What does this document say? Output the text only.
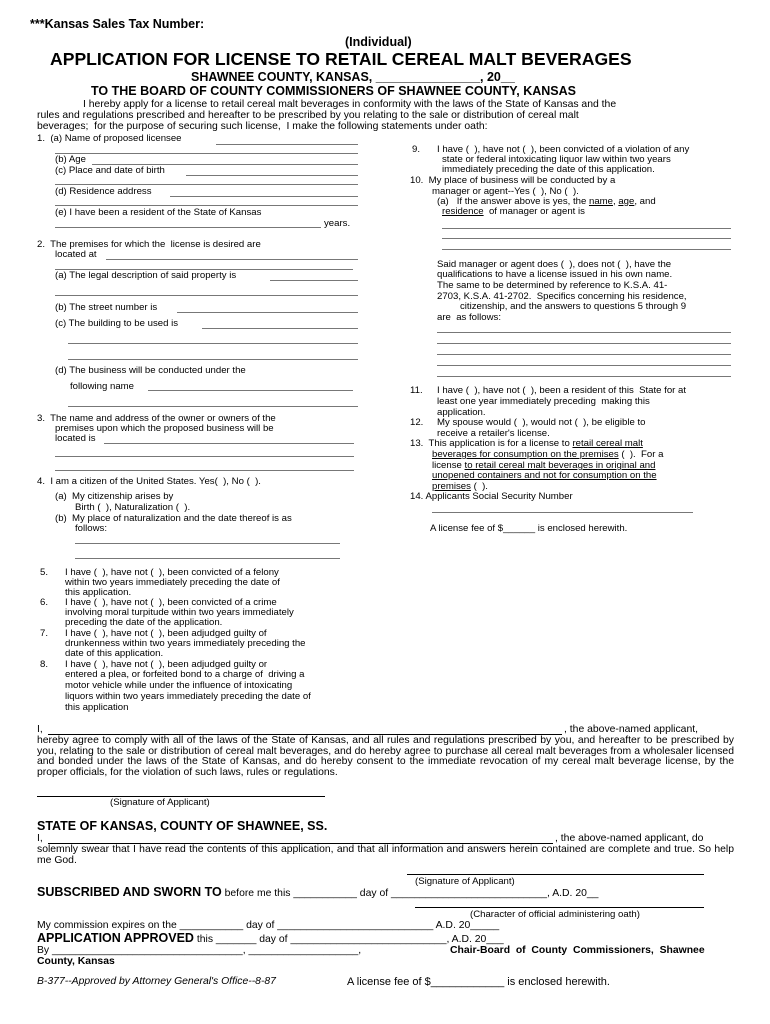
***Kansas Sales Tax Number:
(Individual)
APPLICATION FOR LICENSE TO RETAIL CEREAL MALT BEVERAGES
SHAWNEE COUNTY, KANSAS, _______________, 20__
TO THE BOARD OF COUNTY COMMISSIONERS OF SHAWNEE COUNTY, KANSAS
I hereby apply for a license to retail cereal malt beverages in conformity with the laws of the State of Kansas and the
rules and regulations prescribed and hereafter to be prescribed by you relating to the sale or distribution of cereal malt
beverages;  for the purpose of securing such license,  I make the following statements under oath:
1.  (a) Name of proposed licensee
(b) Age
(c) Place and date of birth
(d) Residence address
(e) I have been a resident of the State of Kansas
years.
2.  The premises for which the  license is desired are
located at
(a) The legal description of said property is
(b) The street number is
(c) The building to be used is
(d) The business will be conducted under the
following name
3.  The name and address of the owner or owners of the
premises upon which the proposed business will be
located is
4.  I am a citizen of the United States. Yes(  ), No (  ).
(a)  My citizenship arises by
Birth (  ), Naturalization (  ).
(b)  My place of naturalization and the date thereof is as
follows:
5. I have (  ), have not (  ), been convicted of a felony
within two years immediately preceding the date of
this application.
6. I have (  ), have not (  ), been convicted of a crime
involving moral turpitude within two years immediately
preceding the date of the application.
7. I have (  ), have not (  ), been adjudged guilty of
drunkenness within two years immediately preceding the
date of this application.
8. I have (  ), have not (  ), been adjudged guilty or
entered a plea, or forfeited bond to a charge of  driving a
motor vehicle while under the influence of intoxicating
liquors within two years immediately preceding the date of
this application
9. I have (  ), have not (  ), been convicted of a violation of any
state or federal intoxicating liquor law within two years
immediately preceding the date of this application.
10.  My place of business will be conducted by a
manager or agent--Yes (  ), No (  ).
(a)   If the answer above is yes, the name, age, and
residence  of manager or agent is
Said manager or agent does (  ), does not (  ), have the
qualifications to have a license issued in his own name.
The same to be determined by reference to K.S.A. 41-
2703, K.S.A. 41-2702.  Specifics concerning his residence,
citizenship, and the answers to questions 5 through 9
are  as follows:
11. I have (  ), have not (  ), been a resident of this  State for at
least one year immediately preceding  making this
application.
12. My spouse would (  ), would not (  ), be eligible to
receive a retailer's license.
13.  This application is for a license to retail cereal malt
beverages for consumption on the premises (  ).  For a
license to retail cereal malt beverages in original and
unopened containers and not for consumption on the
premises (  ).
14. Applicants Social Security Number
A license fee of $______ is enclosed herewith.
I,	, the above-named applicant,
hereby agree to comply with all of the laws of the State of Kansas, and all rules and regulations prescribed by you, and hereafter to be prescribed by you, relating to the sale or distribution of cereal malt beverages, and do hereby agree to purchase all cereal malt beverages from a wholesaler licensed and bonded under the laws of the State of Kansas, and do hereby consent to the immediate revocation of my cereal malt beverage license, by the proper officials, for the violation of such laws, rules or regulations.
(Signature of Applicant)
STATE OF KANSAS, COUNTY OF SHAWNEE, SS.
I,	, the above-named applicant, do
solemnly swear that I have read the contents of this application, and that all information and answers herein contained are complete and true. So help me God.
(Signature of Applicant)
SUBSCRIBED AND SWORN TO before me this ___________ day of ___________________________, A.D. 20__
(Character of official administering oath)
My commission expires on the ___________ day of ___________________________ A.D. 20_____
APPLICATION APPROVED this _______ day of ___________________________, A.D. 20___
By _________________________________, ___________________,	Chair-Board  of  County  Commissioners,  Shawnee
County, Kansas
B-377--Approved by Attorney General's Office--8-87	A license fee of $____________ is enclosed herewith.
